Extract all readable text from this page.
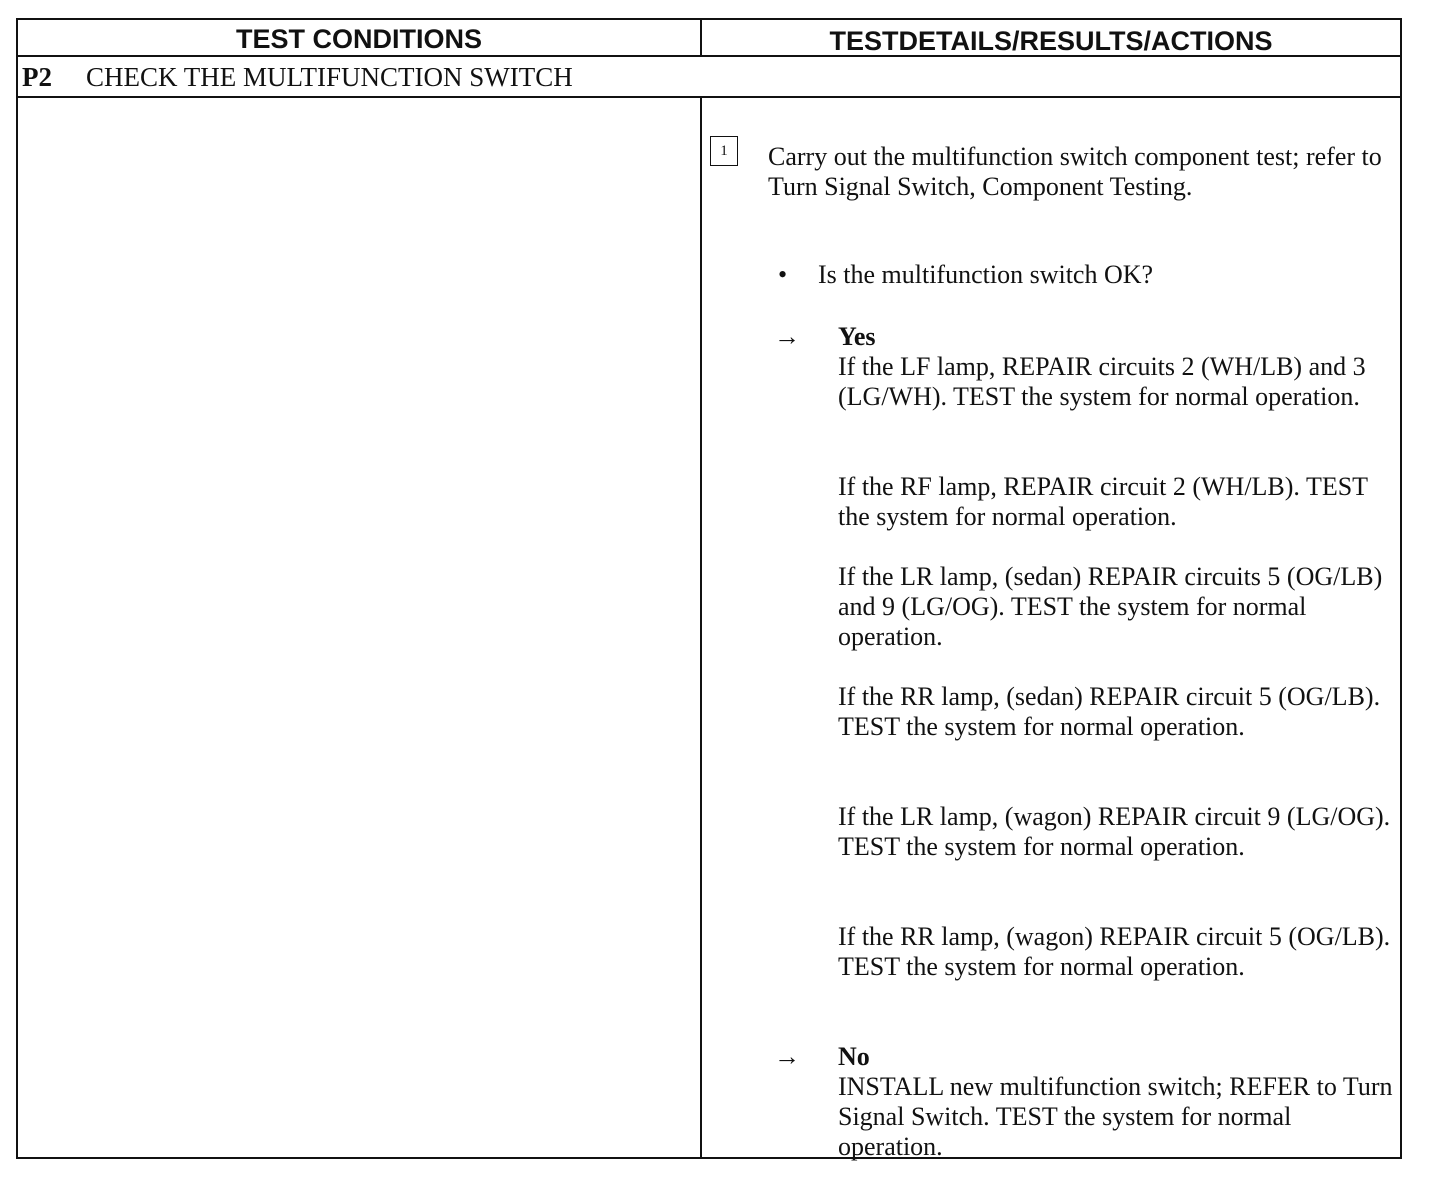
TEST CONDITIONS	TESTDETAILS/RESULTS/ACTIONS
P2 CHECK THE MULTIFUNCTION SWITCH
1	Carry out the multifunction switch component test; refer to Turn Signal Switch, Component Testing.
• Is the multifunction switch OK?
→ Yes
If the LF lamp, REPAIR circuits 2 (WH/LB) and 3 (LG/WH). TEST the system for normal operation.
If the RF lamp, REPAIR circuit 2 (WH/LB). TEST the system for normal operation.
If the LR lamp, (sedan) REPAIR circuits 5 (OG/LB) and 9 (LG/OG). TEST the system for normal operation.
If the RR lamp, (sedan) REPAIR circuit 5 (OG/LB). TEST the system for normal operation.
If the LR lamp, (wagon) REPAIR circuit 9 (LG/OG). TEST the system for normal operation.
If the RR lamp, (wagon) REPAIR circuit 5 (OG/LB). TEST the system for normal operation.
→ No
INSTALL new multifunction switch; REFER to Turn Signal Switch. TEST the system for normal operation.
